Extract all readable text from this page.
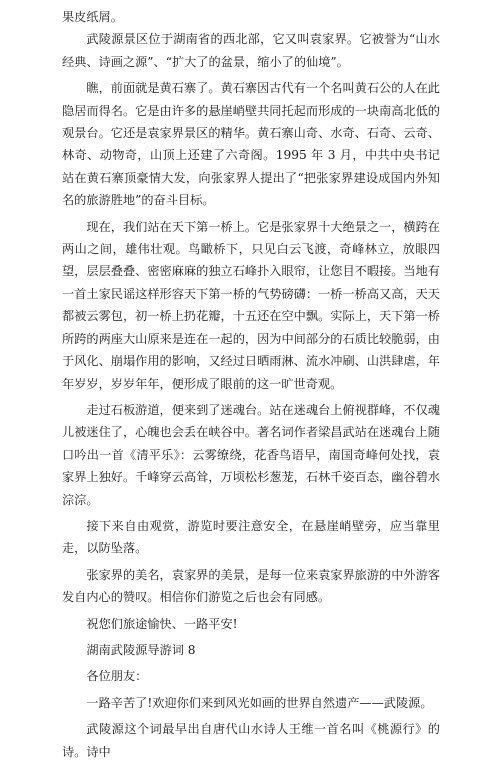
果皮纸屑。

武陵源景区位于湖南省的西北部，它又叫袁家界。它被誉为“山水经典、诗画之源”、“扩大了的盆景，缩小了的仙境”。

瞧，前面就是黄石寨了。黄石寨因古代有一个名叫黄石公的人在此隐居而得名。它是由许多的悬崖峭壁共同托起而形成的一块南高北低的观景台。它还是袁家界景区的精华。黄石寨山奇、水奇、石奇、云奇、林奇、动物奇，山顶上还建了六奇阁。1995 年 3 月，中共中央书记站在黄石寨顶豪情大发，向张家界人提出了“把张家界建设成国内外知名的旅游胜地”的奋斗目标。

现在，我们站在天下第一桥上。它是张家界十大绝景之一，横跨在两山之间，雄伟壮观。鸟瞰桥下，只见白云飞渡，奇峰林立，放眼四望，层层叠叠、密密麻麻的独立石峰扑入眼帘，让您目不暇接。当地有一首土家民谣这样形容天下第一桥的气势磅礴：一桥一桥高又高，天天都被云雾包，初一桥上扔花瓣，十五还在空中飘。实际上，天下第一桥所跨的两座大山原来是连在一起的，因为中间部分的石质比较脆弱，由于风化、崩塌作用的影响，又经过日晒雨淋、流水冲刷、山洪肆虐，年年岁岁，岁岁年年，便形成了眼前的这一旷世奇观。

走过石板游道，便来到了迷魂台。站在迷魂台上俯视群峰，不仅魂儿被迷住了，心魄也会丢在峡谷中。著名词作者梁昌武站在迷魂台上随口吟出一首《清平乐》：云雾缭绕，花香鸟语早，南国奇峰何处找，袁家界上独好。千峰穿云高耸，万顷松杉葱茏，石林千姿百态，幽谷碧水淙淙。

接下来自由观赏，游览时要注意安全，在悬崖峭壁旁，应当靠里走，以防坠落。

张家界的美名，袁家界的美景，是每一位来袁家界旅游的中外游客发自内心的赞叹。相信你们游览之后也会有同感。

祝您们旅途愉快、一路平安!

湖南武陵源导游词 8

各位朋友：

一路辛苦了!欢迎你们来到风光如画的世界自然遗产——武陵源。

武陵源这个词最早出自唐代山水诗人王维一首名叫《桃源行》的诗。诗中
